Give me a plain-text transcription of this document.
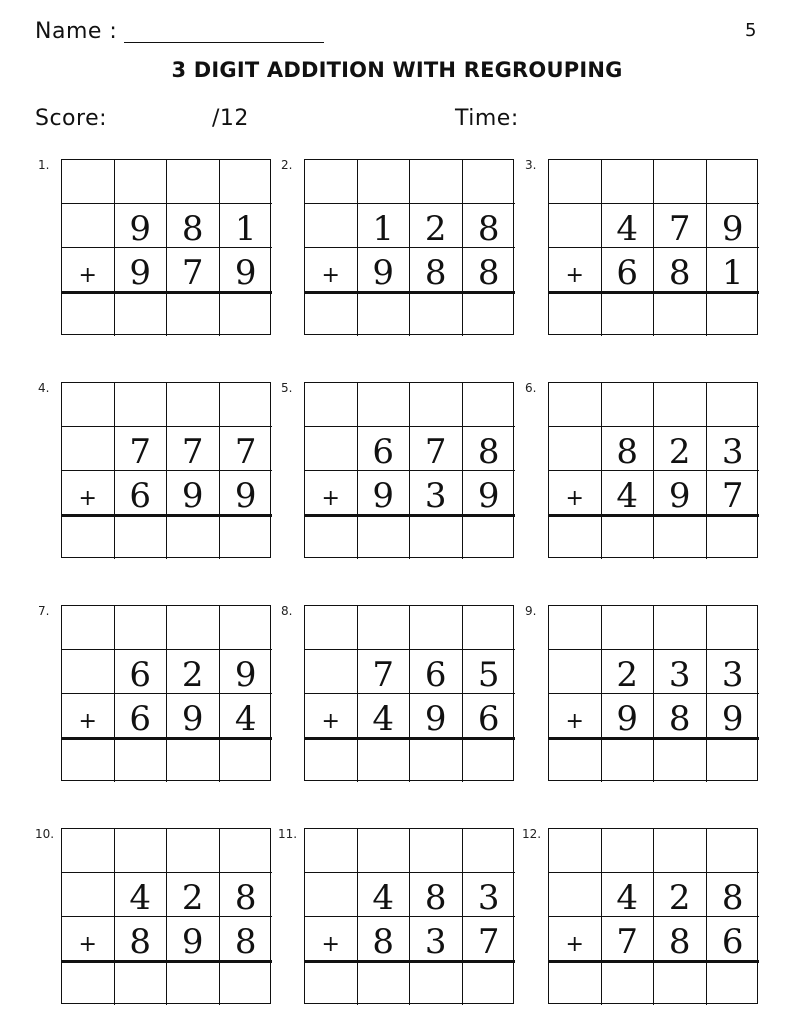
Name :	5
3 DIGIT ADDITION WITH REGROUPING
Score:	/12	Time:
1.
9 8 1
+ 9 7 9
2.
1 2 8
+ 9 8 8
3.
4 7 9
+ 6 8 1
4.
7 7 7
+ 6 9 9
5.
6 7 8
+ 9 3 9
6.
8 2 3
+ 4 9 7
7.
6 2 9
+ 6 9 4
8.
7 6 5
+ 4 9 6
9.
2 3 3
+ 9 8 9
10.
4 2 8
+ 8 9 8
11.
4 8 3
+ 8 3 7
12.
4 2 8
+ 7 8 6
